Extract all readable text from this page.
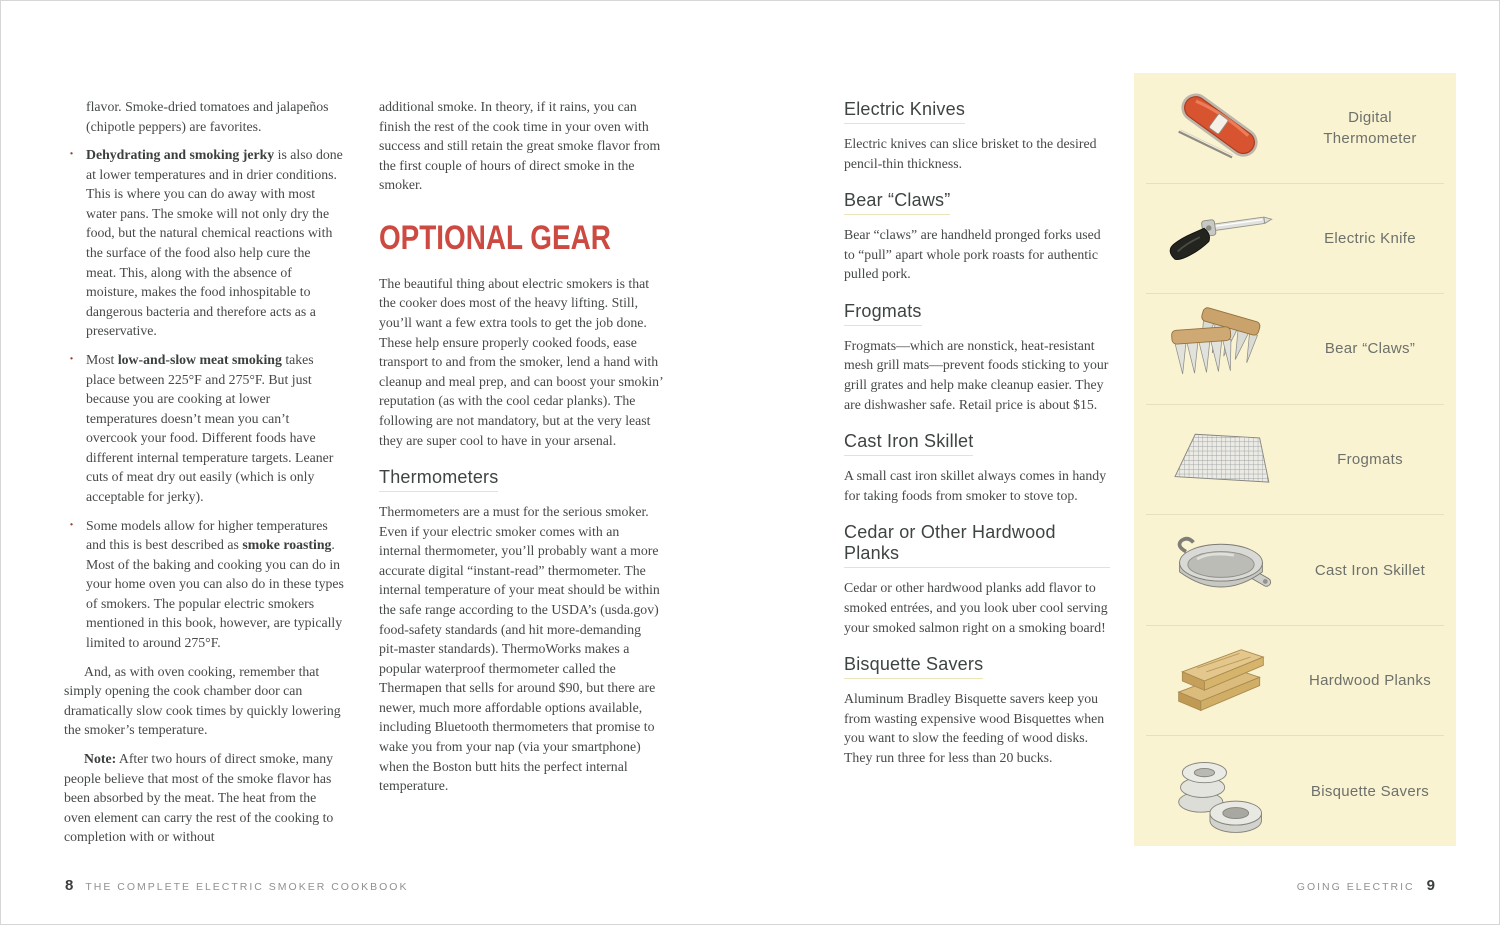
flavor. Smoke-dried tomatoes and jalapeños (chipotle peppers) are favorites.

· Dehydrating and smoking jerky is also done at lower temperatures and in drier conditions. This is where you can do away with most water pans. The smoke will not only dry the food, but the natural chemical reactions with the surface of the food also help cure the meat. This, along with the absence of moisture, makes the food inhospitable to dangerous bacteria and therefore acts as a preservative.
· Most low-and-slow meat smoking takes place between 225°F and 275°F. But just because you are cooking at lower temperatures doesn’t mean you can’t overcook your food. Different foods have different internal temperature targets. Leaner cuts of meat dry out easily (which is only acceptable for jerky).
· Some models allow for higher temperatures and this is best described as smoke roasting. Most of the baking and cooking you can do in your home oven you can also do in these types of smokers. The popular electric smokers mentioned in this book, however, are typically limited to around 275°F.

And, as with oven cooking, remember that simply opening the cook chamber door can dramatically slow cook times by quickly lowering the smoker’s temperature.

Note: After two hours of direct smoke, many people believe that most of the smoke flavor has been absorbed by the meat. The heat from the oven element can carry the rest of the cooking to completion with or without

additional smoke. In theory, if it rains, you can finish the rest of the cook time in your oven with success and still retain the great smoke flavor from the first couple of hours of direct smoke in the smoker.

OPTIONAL GEAR

The beautiful thing about electric smokers is that the cooker does most of the heavy lifting. Still, you’ll want a few extra tools to get the job done. These help ensure properly cooked foods, ease transport to and from the smoker, lend a hand with cleanup and meal prep, and can boost your smokin’ reputation (as with the cool cedar planks). The following are not mandatory, but at the very least they are super cool to have in your arsenal.

Thermometers

Thermometers are a must for the serious smoker. Even if your electric smoker comes with an internal thermometer, you’ll probably want a more accurate digital “instant-read” thermometer. The internal temperature of your meat should be within the safe range according to the USDA’s (usda.gov) food-safety standards (and hit more-demanding pit-master standards). ThermoWorks makes a popular waterproof thermometer called the Thermapen that sells for around $90, but there are newer, much more affordable options available, including Bluetooth thermometers that promise to wake you from your nap (via your smartphone) when the Boston butt hits the perfect internal temperature.

Electric Knives

Electric knives can slice brisket to the desired pencil-thin thickness.

Bear “Claws”

Bear “claws” are handheld pronged forks used to “pull” apart whole pork roasts for authentic pulled pork.

Frogmats

Frogmats—which are nonstick, heat-resistant mesh grill mats—prevent foods sticking to your grill grates and help make cleanup easier. They are dishwasher safe. Retail price is about $15.

Cast Iron Skillet

A small cast iron skillet always comes in handy for taking foods from smoker to stove top.

Cedar or Other Hardwood Planks

Cedar or other hardwood planks add flavor to smoked entrées, and you look uber cool serving your smoked salmon right on a smoking board!

Bisquette Savers

Aluminum Bradley Bisquette savers keep you from wasting expensive wood Bisquettes when you want to slow the feeding of wood disks. They run three for less than 20 bucks.

Digital Thermometer
Electric Knife
Bear “Claws”
Frogmats
Cast Iron Skillet
Hardwood Planks
Bisquette Savers
8 THE COMPLETE ELECTRIC SMOKER COOKBOOK	GOING ELECTRIC 9
